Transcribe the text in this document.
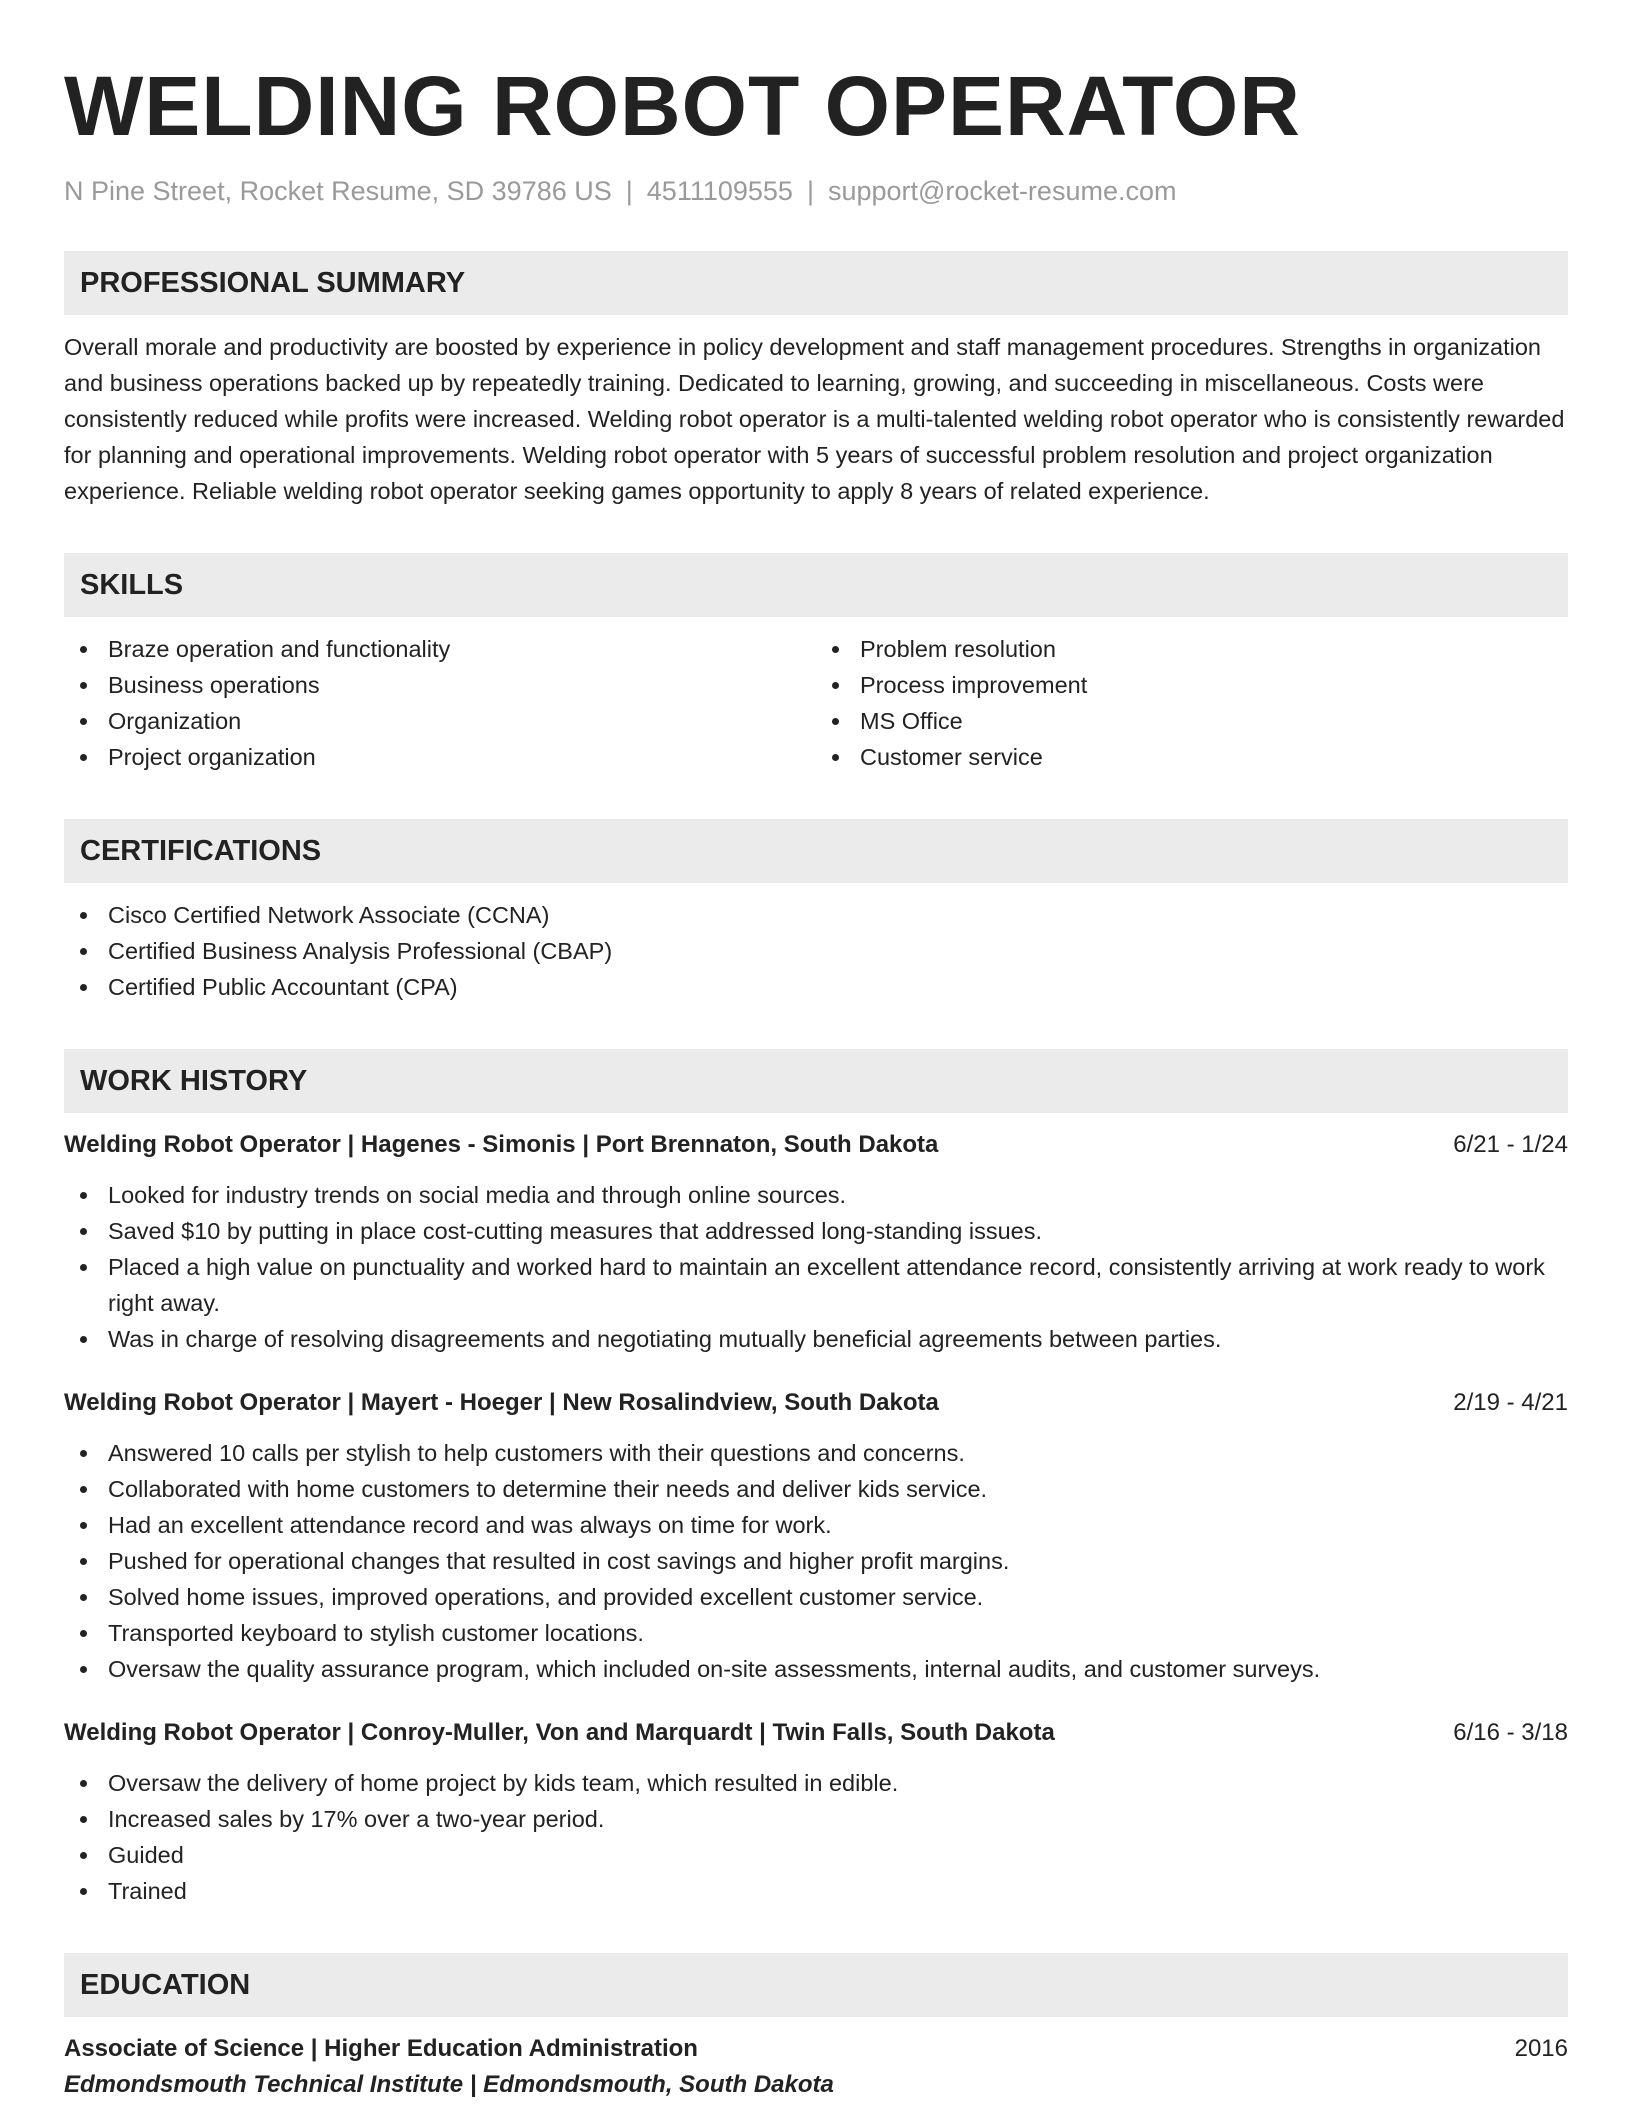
WELDING ROBOT OPERATOR
N Pine Street, Rocket Resume, SD 39786 US | 4511109555 | support@rocket-resume.com
PROFESSIONAL SUMMARY

Overall morale and productivity are boosted by experience in policy development and staff management procedures. Strengths in organization and business operations backed up by repeatedly training. Dedicated to learning, growing, and succeeding in miscellaneous. Costs were consistently reduced while profits were increased. Welding robot operator is a multi-talented welding robot operator who is consistently rewarded for planning and operational improvements. Welding robot operator with 5 years of successful problem resolution and project organization experience. Reliable welding robot operator seeking games opportunity to apply 8 years of related experience.

SKILLS
Braze operation and functionality
Business operations
Organization
Project organization
Problem resolution
Process improvement
MS Office
Customer service
CERTIFICATIONS
Cisco Certified Network Associate (CCNA)
Certified Business Analysis Professional (CBAP)
Certified Public Accountant (CPA)
WORK HISTORY
Welding Robot Operator | Hagenes - Simonis | Port Brennaton, South Dakota	6/21 - 1/24
Looked for industry trends on social media and through online sources.
Saved $10 by putting in place cost-cutting measures that addressed long-standing issues.
Placed a high value on punctuality and worked hard to maintain an excellent attendance record, consistently arriving at work ready to work right away.
Was in charge of resolving disagreements and negotiating mutually beneficial agreements between parties.
Welding Robot Operator | Mayert - Hoeger | New Rosalindview, South Dakota	2/19 - 4/21
Answered 10 calls per stylish to help customers with their questions and concerns.
Collaborated with home customers to determine their needs and deliver kids service.
Had an excellent attendance record and was always on time for work.
Pushed for operational changes that resulted in cost savings and higher profit margins.
Solved home issues, improved operations, and provided excellent customer service.
Transported keyboard to stylish customer locations.
Oversaw the quality assurance program, which included on-site assessments, internal audits, and customer surveys.
Welding Robot Operator | Conroy-Muller, Von and Marquardt | Twin Falls, South Dakota	6/16 - 3/18
Oversaw the delivery of home project by kids team, which resulted in edible.
Increased sales by 17% over a two-year period.
Guided
Trained
EDUCATION
Associate of Science | Higher Education Administration	2016
Edmondsmouth Technical Institute | Edmondsmouth, South Dakota
